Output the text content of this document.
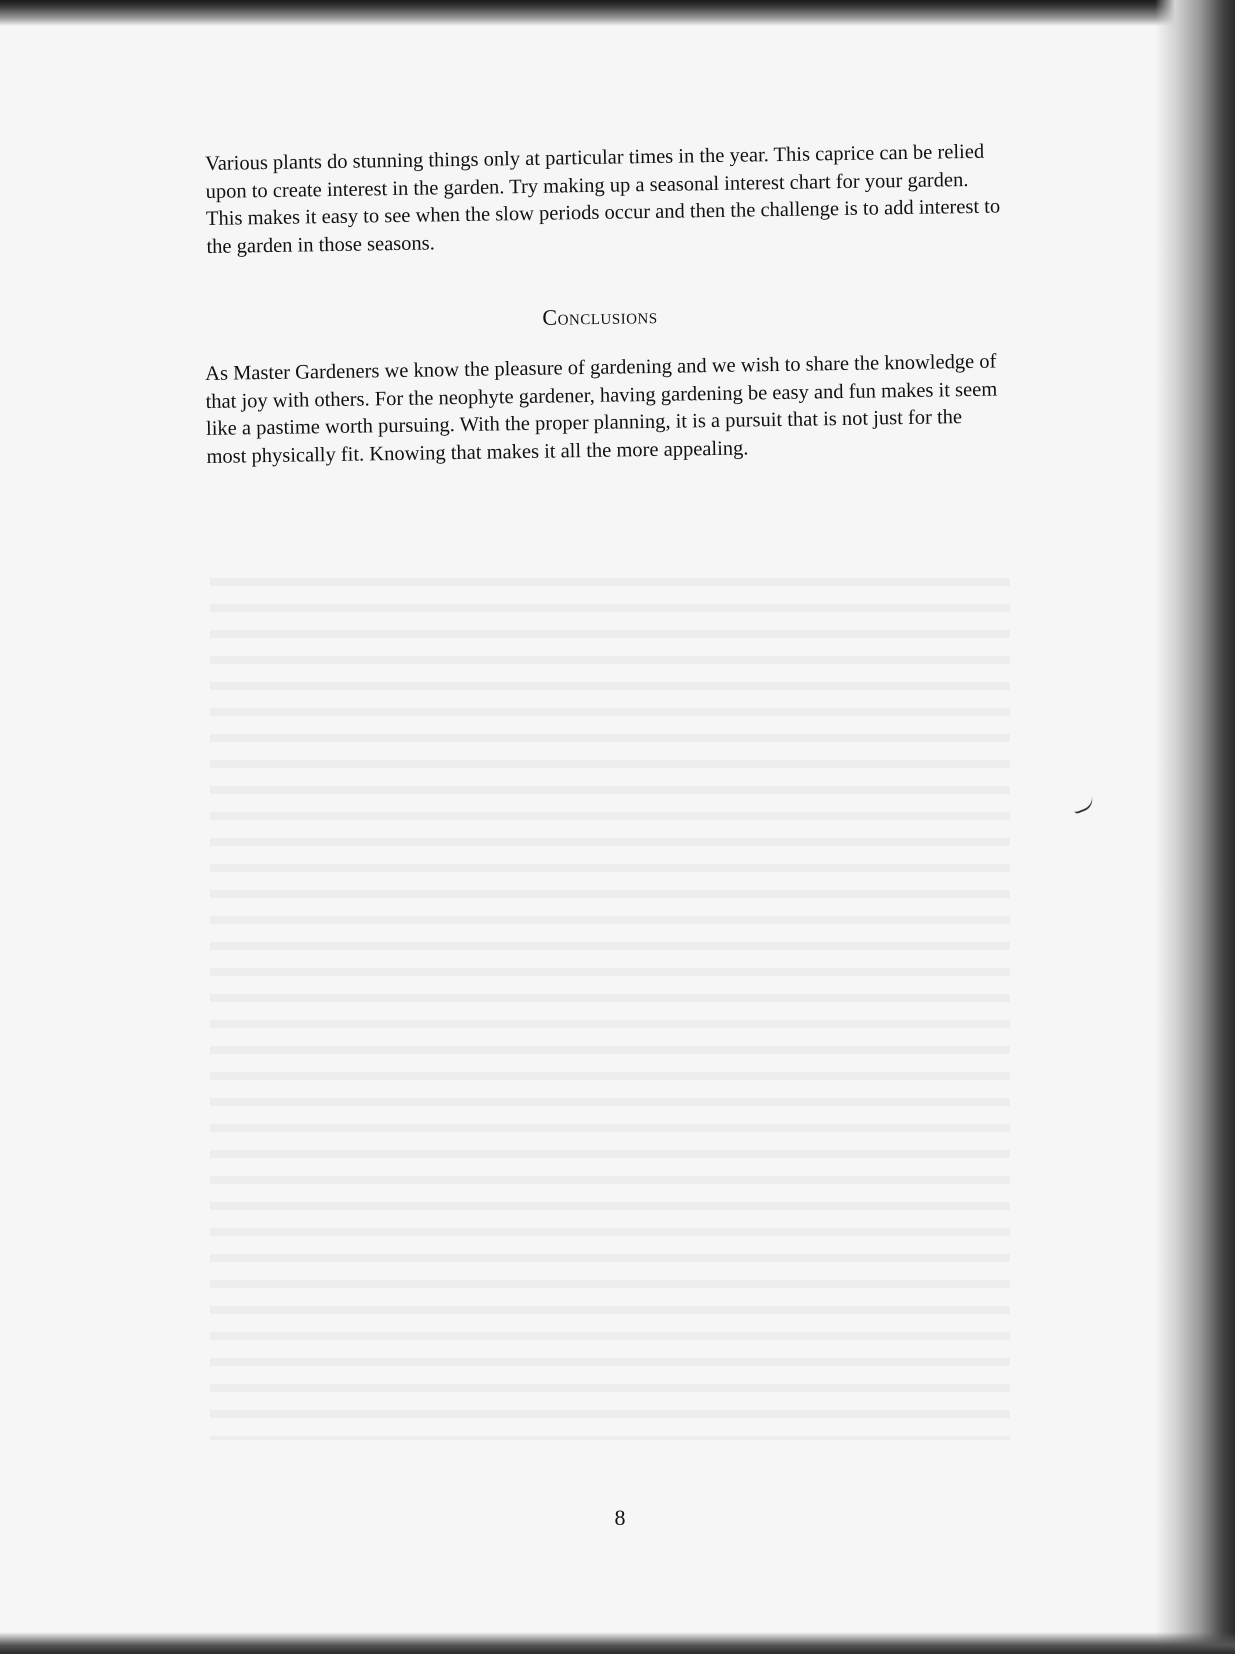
Various plants do stunning things only at particular times in the year. This caprice can be relied upon to create interest in the garden. Try making up a seasonal interest chart for your garden. This makes it easy to see when the slow periods occur and then the challenge is to add interest to the garden in those seasons.

Conclusions

As Master Gardeners we know the pleasure of gardening and we wish to share the knowledge of that joy with others. For the neophyte gardener, having gardening be easy and fun makes it seem like a pastime worth pursuing. With the proper planning, it is a pursuit that is not just for the most physically fit. Knowing that makes it all the more appealing.

8
